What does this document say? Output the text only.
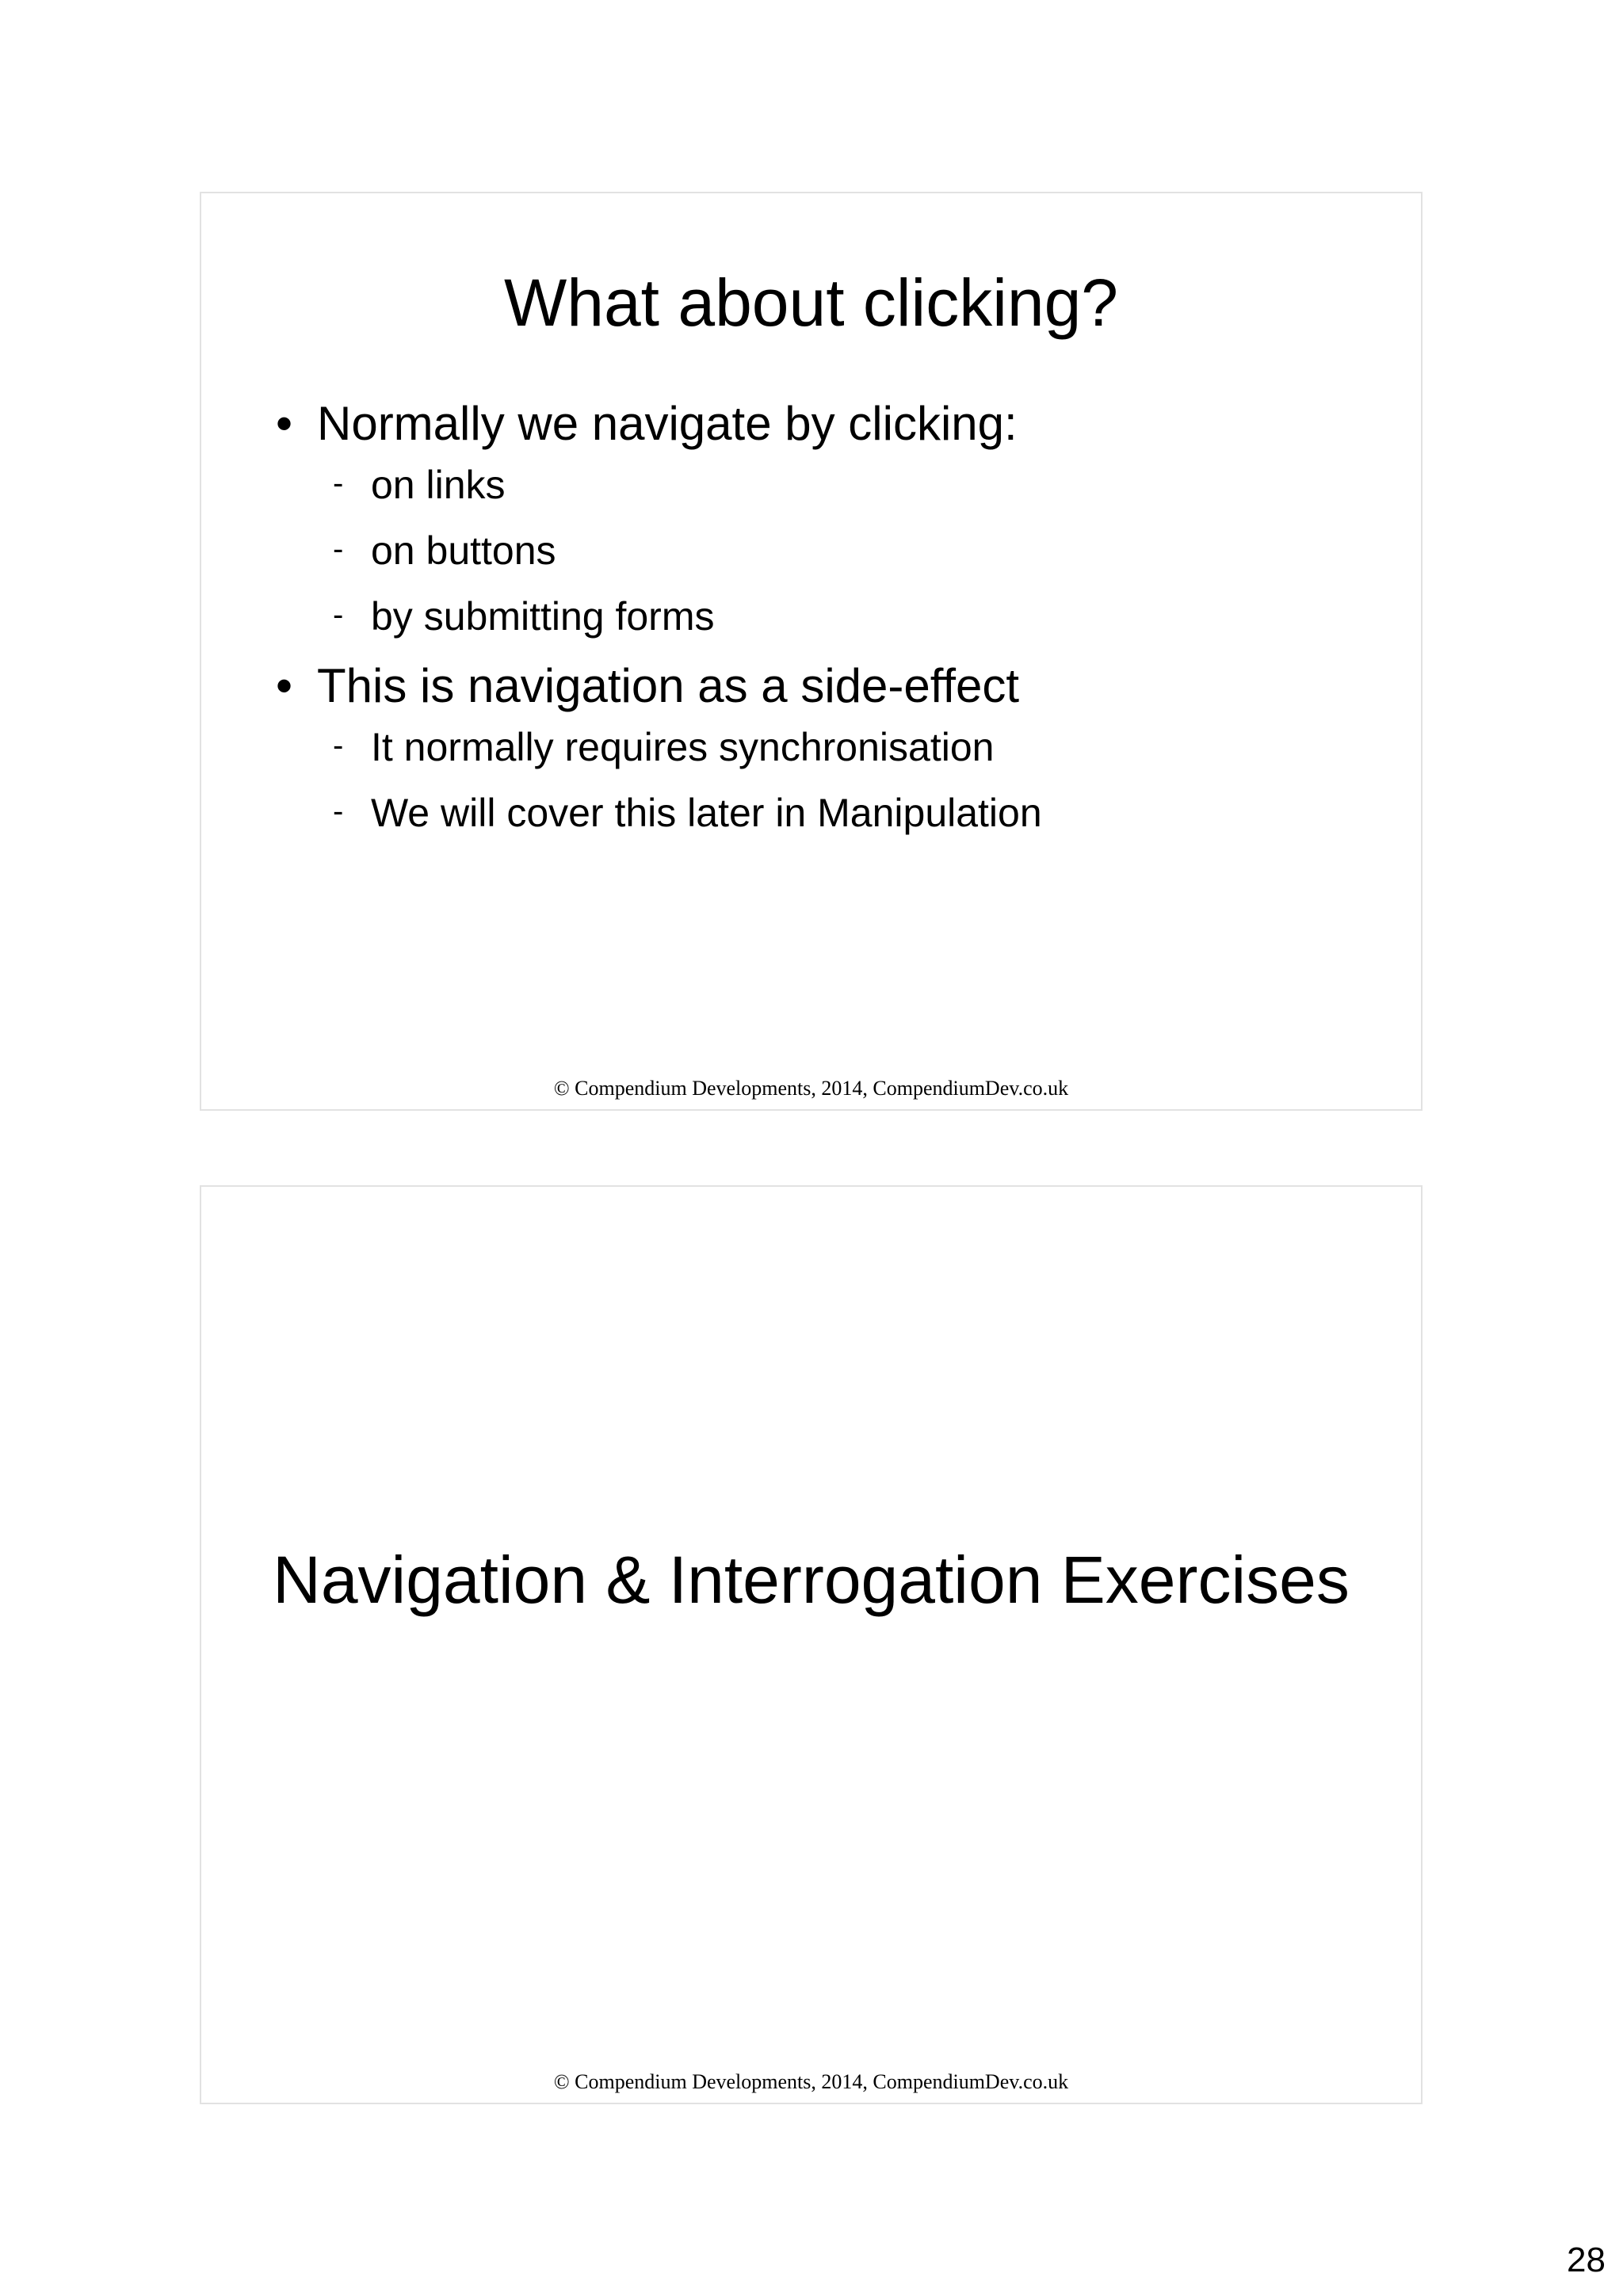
What about clicking?
• Normally we navigate by clicking:
- on links
- on buttons
- by submitting forms
• This is navigation as a side-effect
- It normally requires synchronisation
- We will cover this later in Manipulation
© Compendium Developments, 2014, CompendiumDev.co.uk
Navigation & Interrogation Exercises
© Compendium Developments, 2014, CompendiumDev.co.uk
28
